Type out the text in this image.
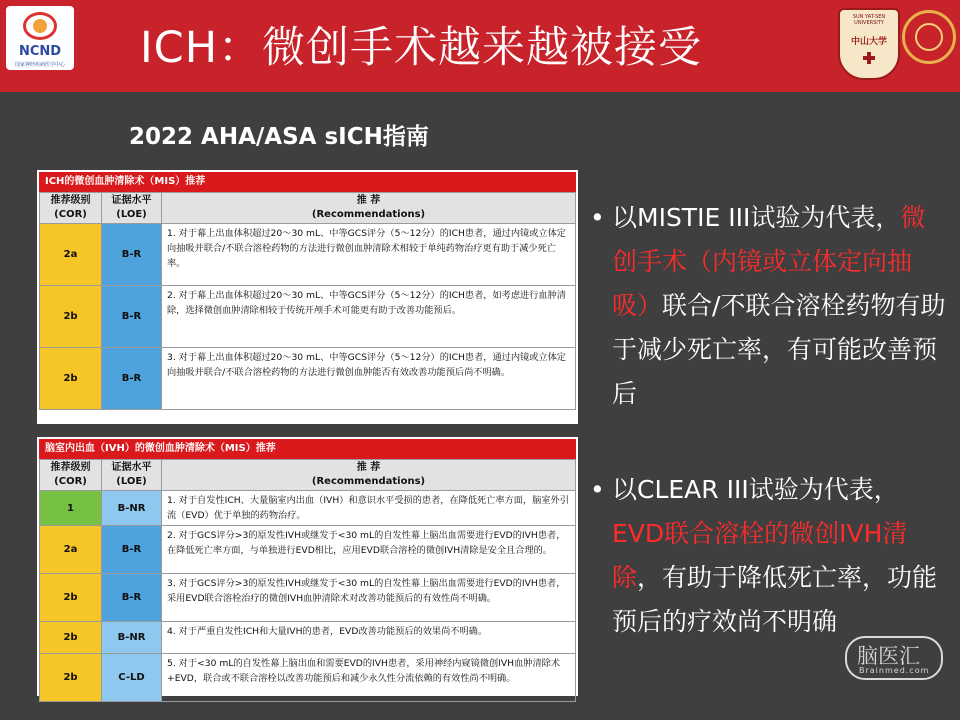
NCND
国家神经疾病医学中心 ICH：微创手术越来越被接受
SUN YAT-SEN UNIVERSITY
中山大学
2022 AHA/ASA sICH指南
ICH的微创血肿清除术（MIS）推荐
推荐级别
(COR)	证据水平
(LOE)	推 荐
(Recommendations)
2a	B-R	1. 对于幕上出血体积超过20～30 mL、中等GCS评分（5～12分）的ICH患者，通过内镜或立体定向抽吸并联合/不联合溶栓药物的方法进行微创血肿清除术相较于单纯药物治疗更有助于减少死亡率。
2b	B-R	2. 对于幕上出血体积超过20～30 mL、中等GCS评分（5～12分）的ICH患者，如考虑进行血肿清除，选择微创血肿清除相较于传统开颅手术可能更有助于改善功能预后。
2b	B-R	3. 对于幕上出血体积超过20～30 mL、中等GCS评分（5～12分）的ICH患者，通过内镜或立体定向抽吸并联合/不联合溶栓药物的方法进行微创血肿能否有效改善功能预后尚不明确。
脑室内出血（IVH）的微创血肿清除术（MIS）推荐
推荐级别
(COR)	证据水平
(LOE)	推 荐
(Recommendations)
1	B-NR	1. 对于自发性ICH、大量脑室内出血（IVH）和意识水平受损的患者，在降低死亡率方面，脑室外引流（EVD）优于单独的药物治疗。
2a	B-R	2. 对于GCS评分>3的原发性IVH或继发于<30 mL的自发性幕上脑出血需要进行EVD的IVH患者，在降低死亡率方面，与单独进行EVD相比，应用EVD联合溶栓的微创IVH清除是安全且合理的。
2b	B-R	3. 对于GCS评分>3的原发性IVH或继发于<30 mL的自发性幕上脑出血需要进行EVD的IVH患者，采用EVD联合溶栓治疗的微创IVH血肿清除术对改善功能预后的有效性尚不明确。
2b	B-NR	4. 对于严重自发性ICH和大量IVH的患者，EVD改善功能预后的效果尚不明确。
2b	C-LD	5. 对于<30 mL的自发性幕上脑出血和需要EVD的IVH患者，采用神经内窥镜微创IVH血肿清除术+EVD，联合或不联合溶栓以改善功能预后和减少永久性分流依赖的有效性尚不明确。
• 以MISTIE III试验为代表，微创手术（内镜或立体定向抽吸）联合/不联合溶栓药物有助于减少死亡率，有可能改善预后
• 以CLEAR III试验为代表，EVD联合溶栓的微创IVH清除，有助于降低死亡率，功能预后的疗效尚不明确
脑医汇
Brainmed.com
